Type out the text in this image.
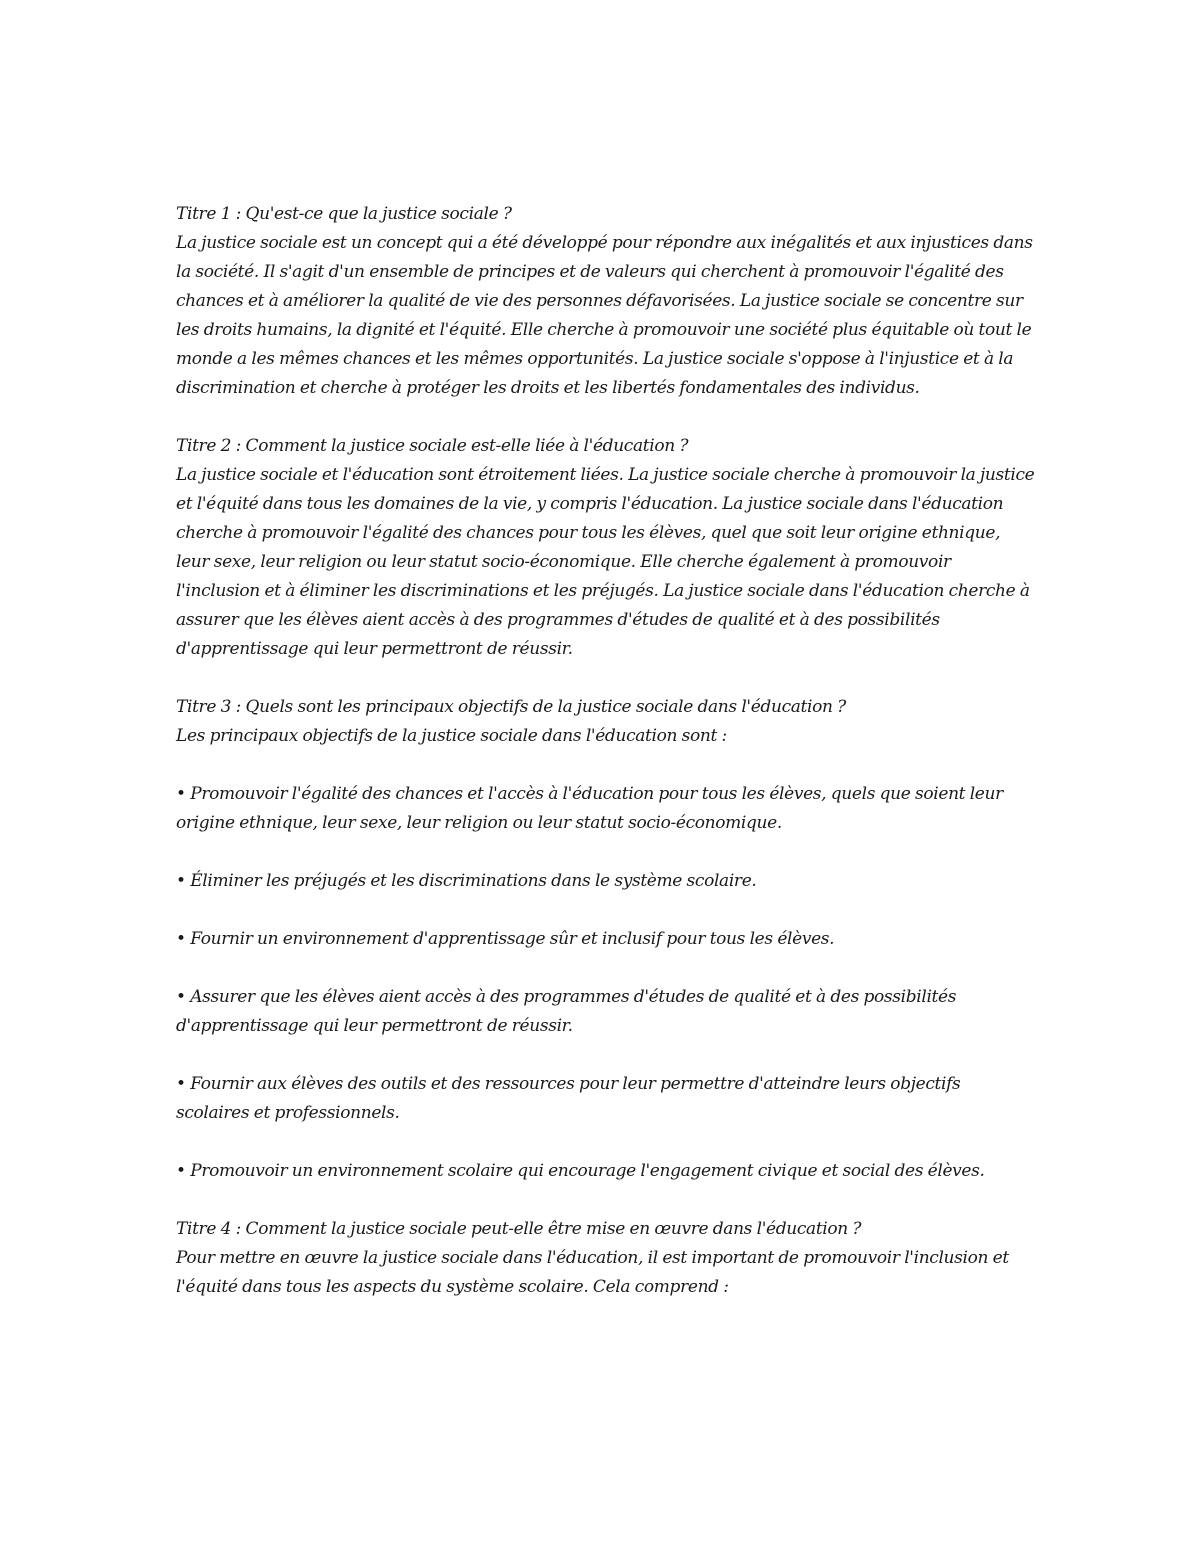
Titre 1 : Qu'est-ce que la justice sociale ?

La justice sociale est un concept qui a été développé pour répondre aux inégalités et aux injustices dans la société. Il s'agit d'un ensemble de principes et de valeurs qui cherchent à promouvoir l'égalité des chances et à améliorer la qualité de vie des personnes défavorisées. La justice sociale se concentre sur les droits humains, la dignité et l'équité. Elle cherche à promouvoir une société plus équitable où tout le monde a les mêmes chances et les mêmes opportunités. La justice sociale s'oppose à l'injustice et à la discrimination et cherche à protéger les droits et les libertés fondamentales des individus.

Titre 2 : Comment la justice sociale est-elle liée à l'éducation ?

La justice sociale et l'éducation sont étroitement liées. La justice sociale cherche à promouvoir la justice et l'équité dans tous les domaines de la vie, y compris l'éducation. La justice sociale dans l'éducation cherche à promouvoir l'égalité des chances pour tous les élèves, quel que soit leur origine ethnique, leur sexe, leur religion ou leur statut socio-économique. Elle cherche également à promouvoir l'inclusion et à éliminer les discriminations et les préjugés. La justice sociale dans l'éducation cherche à assurer que les élèves aient accès à des programmes d'études de qualité et à des possibilités d'apprentissage qui leur permettront de réussir.

Titre 3 : Quels sont les principaux objectifs de la justice sociale dans l'éducation ?

Les principaux objectifs de la justice sociale dans l'éducation sont :

• Promouvoir l'égalité des chances et l'accès à l'éducation pour tous les élèves, quels que soient leur origine ethnique, leur sexe, leur religion ou leur statut socio-économique.

• Éliminer les préjugés et les discriminations dans le système scolaire.

• Fournir un environnement d'apprentissage sûr et inclusif pour tous les élèves.

• Assurer que les élèves aient accès à des programmes d'études de qualité et à des possibilités d'apprentissage qui leur permettront de réussir.

• Fournir aux élèves des outils et des ressources pour leur permettre d'atteindre leurs objectifs scolaires et professionnels.

• Promouvoir un environnement scolaire qui encourage l'engagement civique et social des élèves.

Titre 4 : Comment la justice sociale peut-elle être mise en œuvre dans l'éducation ?

Pour mettre en œuvre la justice sociale dans l'éducation, il est important de promouvoir l'inclusion et l'équité dans tous les aspects du système scolaire. Cela comprend :
